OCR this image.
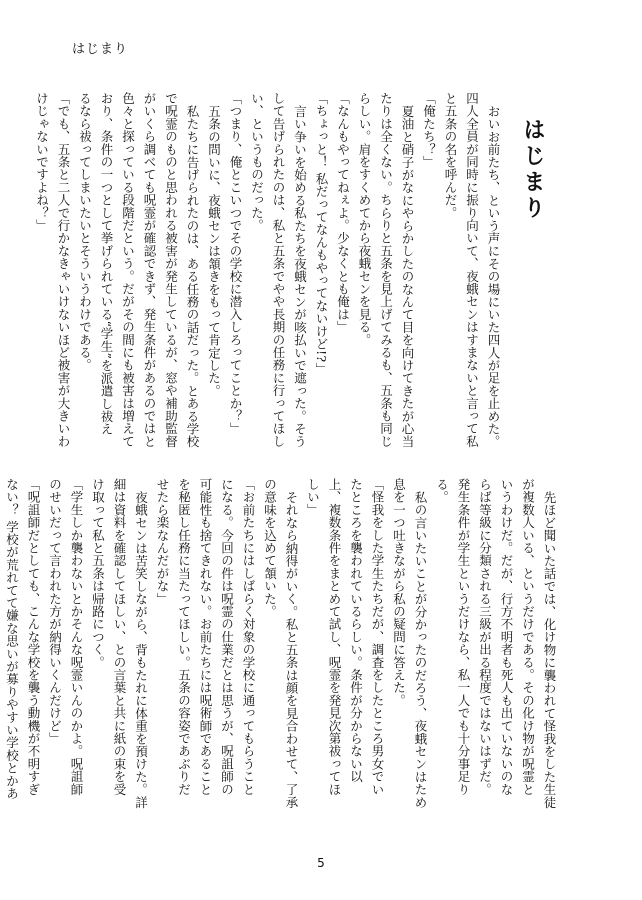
はじまり
はじまり

おいお前たち、という声にその場にいた四人が足を止めた。四人全員が同時に振り向いて、夜蛾センはすまないと言って私と五条の名を呼んだ。

「俺たち？」

夏油と硝子がなにやらかしたのなんて目を向けてきたが心当たりは全くない。ちらりと五条を見上げてみるも、五条も同じらしい。肩をすくめてから夜蛾センを見る。

「なんもやってねぇよ。少なくとも俺は」

「ちょっと！ 私だってなんもやってないけど!?」

言い争いを始める私たちを夜蛾センが咳払いで遮った。そうして告げられたのは、私と五条でやや長期の任務に行ってほしい、というものだった。

「つまり、俺とこいつでその学校に潜入しろってことか？」

五条の問いに、夜蛾センは頷きをもって肯定した。

私たちに告げられたのは、ある任務の話だった。とある学校で呪霊のものと思われる被害が発生しているが、窓や補助監督がいくら調べても呪霊が確認できず、発生条件があるのではと色々と探っている段階だという。だがその間にも被害は増えており、条件の一つとして挙げられている“学生”を派遣し祓えるなら祓ってしまいたいとそういうわけである。

「でも、五条と二人で行かなきゃいけないほど被害が大きいわけじゃないですよね？」

先ほど聞いた話では、化け物に襲われて怪我をした生徒が複数人いる、というだけである。その化け物が呪霊というわけだ。だが、行方不明者も死人も出ていないのならば等級に分類される三級が出る程度ではないはずだ。発生条件が学生というだけなら、私一人でも十分事足りる。

私の言いたいことが分かったのだろう、夜蛾センはため息を一つ吐きながら私の疑問に答えた。

「怪我をした学生たちだが、調査をしたところ男女でいたところを襲われているらしい。条件が分からない以上、複数条件をまとめて試し、呪霊を発見次第祓ってほしい」

それなら納得がいく。私と五条は顔を見合わせて、了承の意味を込めて頷いた。

「お前たちにはしばらく対象の学校に通ってもらうことになる。今回の件は呪霊の仕業だとは思うが、呪詛師の可能性も捨てきれない。お前たちには呪術師であることを秘匿し任務に当たってほしい。五条の容姿であぶりだせたら楽なんだがな」

夜蛾センは苦笑しながら、背もたれに体重を預けた。詳細は資料を確認してほしい、との言葉と共に紙の束を受け取って私と五条は帰路につく。

「学生しか襲わないとかそんな呪霊いんのかよ。呪詛師のせいだって言われた方が納得いくんだけど」

「呪詛師だとしても、こんな学校を襲う動機が不明すぎない？ 学校が荒れてて嫌な思いが募りやすい学校とかあ

5
